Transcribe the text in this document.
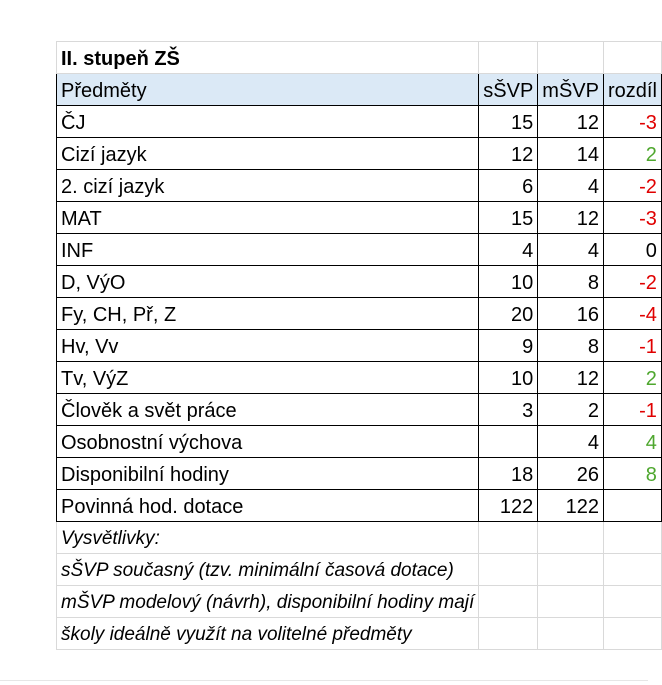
II. stupeň ZŠ			
Předměty	sŠVP	mŠVP	rozdíl
ČJ	15	12	-3
Cizí jazyk	12	14	2
2. cizí jazyk	6	4	-2
MAT	15	12	-3
INF	4	4	0
D, VýO	10	8	-2
Fy, CH, Př, Z	20	16	-4
Hv, Vv	9	8	-1
Tv, VýZ	10	12	2
Člověk a svět práce	3	2	-1
Osobnostní výchova		4	4
Disponibilní hodiny	18	26	8
Povinná hod. dotace	122	122	
Vysvětlivky:			
sŠVP současný (tzv. minimální časová dotace)			
mŠVP modelový (návrh), disponibilní hodiny mají			
školy ideálně využít na volitelné předměty			
